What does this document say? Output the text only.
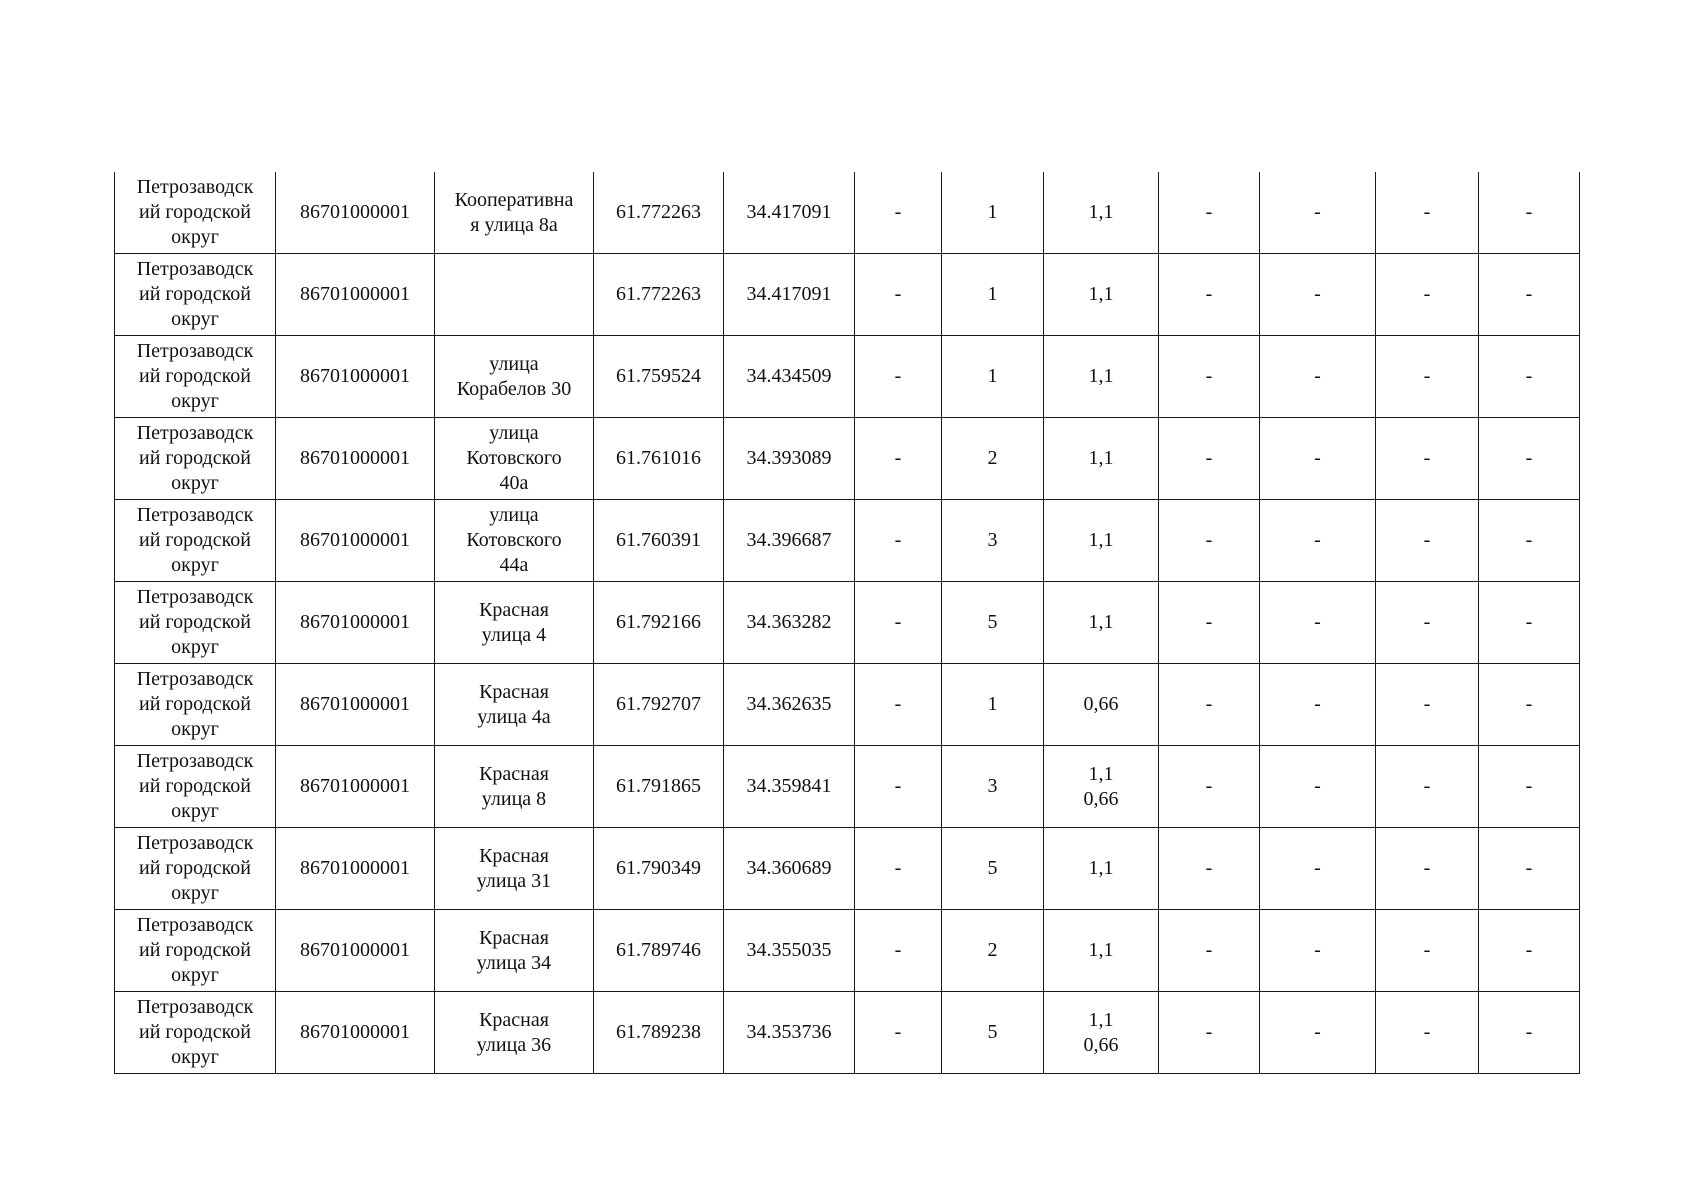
Петрозаводск
ий городской
округ	86701000001	Кооперативна
я улица 8а	61.772263	34.417091	-	1	1,1	-	-	-	-
Петрозаводск
ий городской
округ	86701000001		61.772263	34.417091	-	1	1,1	-	-	-	-
Петрозаводск
ий городской
округ	86701000001	улица
Корабелов 30	61.759524	34.434509	-	1	1,1	-	-	-	-
Петрозаводск
ий городской
округ	86701000001	улица
Котовского
40а	61.761016	34.393089	-	2	1,1	-	-	-	-
Петрозаводск
ий городской
округ	86701000001	улица
Котовского
44а	61.760391	34.396687	-	3	1,1	-	-	-	-
Петрозаводск
ий городской
округ	86701000001	Красная
улица 4	61.792166	34.363282	-	5	1,1	-	-	-	-
Петрозаводск
ий городской
округ	86701000001	Красная
улица 4а	61.792707	34.362635	-	1	0,66	-	-	-	-
Петрозаводск
ий городской
округ	86701000001	Красная
улица 8	61.791865	34.359841	-	3	1,1
0,66	-	-	-	-
Петрозаводск
ий городской
округ	86701000001	Красная
улица 31	61.790349	34.360689	-	5	1,1	-	-	-	-
Петрозаводск
ий городской
округ	86701000001	Красная
улица 34	61.789746	34.355035	-	2	1,1	-	-	-	-
Петрозаводск
ий городской
округ	86701000001	Красная
улица 36	61.789238	34.353736	-	5	1,1
0,66	-	-	-	-
